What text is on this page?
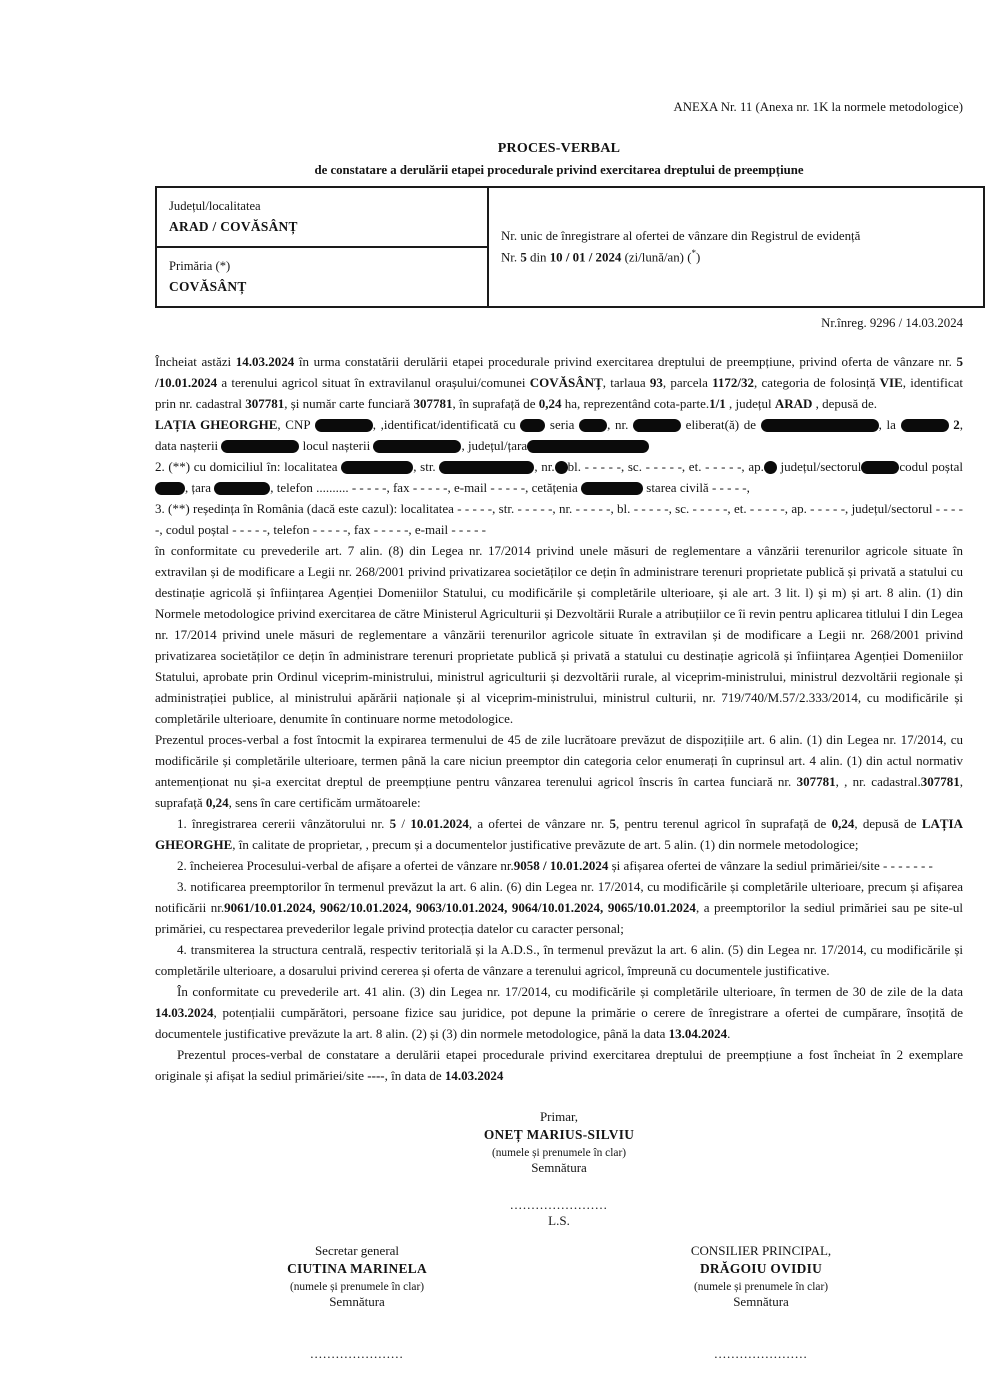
ANEXA Nr. 11 (Anexa nr. 1K la normele metodologice)
PROCES-VERBAL
de constatare a derulării etapei procedurale privind exercitarea dreptului de preempțiune
Județul/localitatea
ARAD / COVĂSÂNȚ

Nr. unic de înregistrare al ofertei de vânzare din Registrul de evidență
Nr. 5 din 10 / 01 / 2024 (zi/lună/an) (*)

Primăria (*)
COVĂSÂNȚ
Nr.înreg. 9296 / 14.03.2024

Încheiat astăzi 14.03.2024 în urma constatării derulării etapei procedurale privind exercitarea dreptului de preempțiune, privind oferta de vânzare nr. 5 /10.01.2024 a terenului agricol situat în extravilanul orașului/comunei COVĂSÂNȚ, tarlaua 93, parcela 1172/32, categoria de folosință VIE, identificat prin nr. cadastral 307781, și număr carte funciară 307781, în suprafață de 0,24 ha, reprezentând cota-parte.1/1 , județul ARAD , depusă de.

LAȚIA GHEORGHE, CNP	, ,identificat/identificată cu  seria , nr.	eliberat(ă) de	, la	2, data nașterii	locul nașterii	, județul/țara

2. (**) cu domiciliul în: localitatea	, str.	, nr. bl. - - - - -, sc. - - - - -, et. - - - - -, ap. județul/sectorul	codul poștal , țara	, telefon .......... - - - - -, fax - - - - -, e-mail - - - - -, cetățenia	starea civilă - - - - -,

3. (**) reședința în România (dacă este cazul): localitatea - - - - -, str. - - - - -, nr. - - - - -, bl. - - - - -, sc. - - - - -, et. - - - - -, ap. - - - - -, județul/sectorul - - - - -, codul poștal - - - - -, telefon - - - - -, fax - - - - -, e-mail - - - - -

în conformitate cu prevederile art. 7 alin. (8) din Legea nr. 17/2014 privind unele măsuri de reglementare a vânzării terenurilor agricole situate în extravilan și de modificare a Legii nr. 268/2001 privind privatizarea societăților ce dețin în administrare terenuri proprietate publică și privată a statului cu destinație agricolă și înființarea Agenției Domeniilor Statului, cu modificările și completările ulterioare, și ale art. 3 lit. l) și m) și art. 8 alin. (1) din Normele metodologice privind exercitarea de către Ministerul Agriculturii și Dezvoltării Rurale a atribuțiilor ce îi revin pentru aplicarea titlului I din Legea nr. 17/2014 privind unele măsuri de reglementare a vânzării terenurilor agricole situate în extravilan și de modificare a Legii nr. 268/2001 privind privatizarea societăților ce dețin în administrare terenuri proprietate publică și privată a statului cu destinație agricolă și înființarea Agenției Domeniilor Statului, aprobate prin Ordinul viceprim-ministrului, ministrul agriculturii și dezvoltării rurale, al viceprim-ministrului, ministrul dezvoltării regionale și administrației publice, al ministrului apărării naționale și al viceprim-ministrului, ministrul culturii, nr. 719/740/M.57/2.333/2014, cu modificările și completările ulterioare, denumite în continuare norme metodologice.

Prezentul proces-verbal a fost întocmit la expirarea termenului de 45 de zile lucrătoare prevăzut de dispozițiile art. 6 alin. (1) din Legea nr. 17/2014, cu modificările și completările ulterioare, termen până la care niciun preemptor din categoria celor enumerați în cuprinsul art. 4 alin. (1) din actul normativ antemenționat nu și-a exercitat dreptul de preempțiune pentru vânzarea terenului agricol înscris în cartea funciară nr. 307781, , nr. cadastral.307781, suprafață 0,24, sens în care certificăm următoarele:

1. înregistrarea cererii vânzătorului nr. 5 / 10.01.2024, a ofertei de vânzare nr. 5, pentru terenul agricol în suprafață de 0,24, depusă de LAȚIA GHEORGHE, în calitate de proprietar, , precum și a documentelor justificative prevăzute de art. 5 alin. (1) din normele metodologice;

2. încheierea Procesului-verbal de afișare a ofertei de vânzare nr.9058 / 10.01.2024 și afișarea ofertei de vânzare la sediul primăriei/site - - - - - - -

3. notificarea preemptorilor în termenul prevăzut la art. 6 alin. (6) din Legea nr. 17/2014, cu modificările și completările ulterioare, precum și afișarea notificării nr.9061/10.01.2024, 9062/10.01.2024, 9063/10.01.2024, 9064/10.01.2024, 9065/10.01.2024, a preemptorilor la sediul primăriei sau pe site-ul primăriei, cu respectarea prevederilor legale privind protecția datelor cu caracter personal;

4. transmiterea la structura centrală, respectiv teritorială și la A.D.S., în termenul prevăzut la art. 6 alin. (5) din Legea nr. 17/2014, cu modificările și completările ulterioare, a dosarului privind cererea și oferta de vânzare a terenului agricol, împreună cu documentele justificative.

În conformitate cu prevederile art. 41 alin. (3) din Legea nr. 17/2014, cu modificările și completările ulterioare, în termen de 30 de zile de la data 14.03.2024, potențialii cumpărători, persoane fizice sau juridice, pot depune la primărie o cerere de înregistrare a ofertei de cumpărare, însoțită de documentele justificative prevăzute la art. 8 alin. (2) și (3) din normele metodologice, până la data 13.04.2024.

Prezentul proces-verbal de constatare a derulării etapei procedurale privind exercitarea dreptului de preempțiune a fost încheiat în 2 exemplare originale și afișat la sediul primăriei/site ----, în data de 14.03.2024

Primar,
ONEȚ MARIUS-SILVIU
(numele și prenumele în clar)
Semnătura
.......................
L.S.
Secretar general
CIUTINA MARINELA
(numele și prenumele în clar)
Semnătura
......................
CONSILIER PRINCIPAL,
DRĂGOIU OVIDIU
(numele și prenumele în clar)
Semnătura
......................
